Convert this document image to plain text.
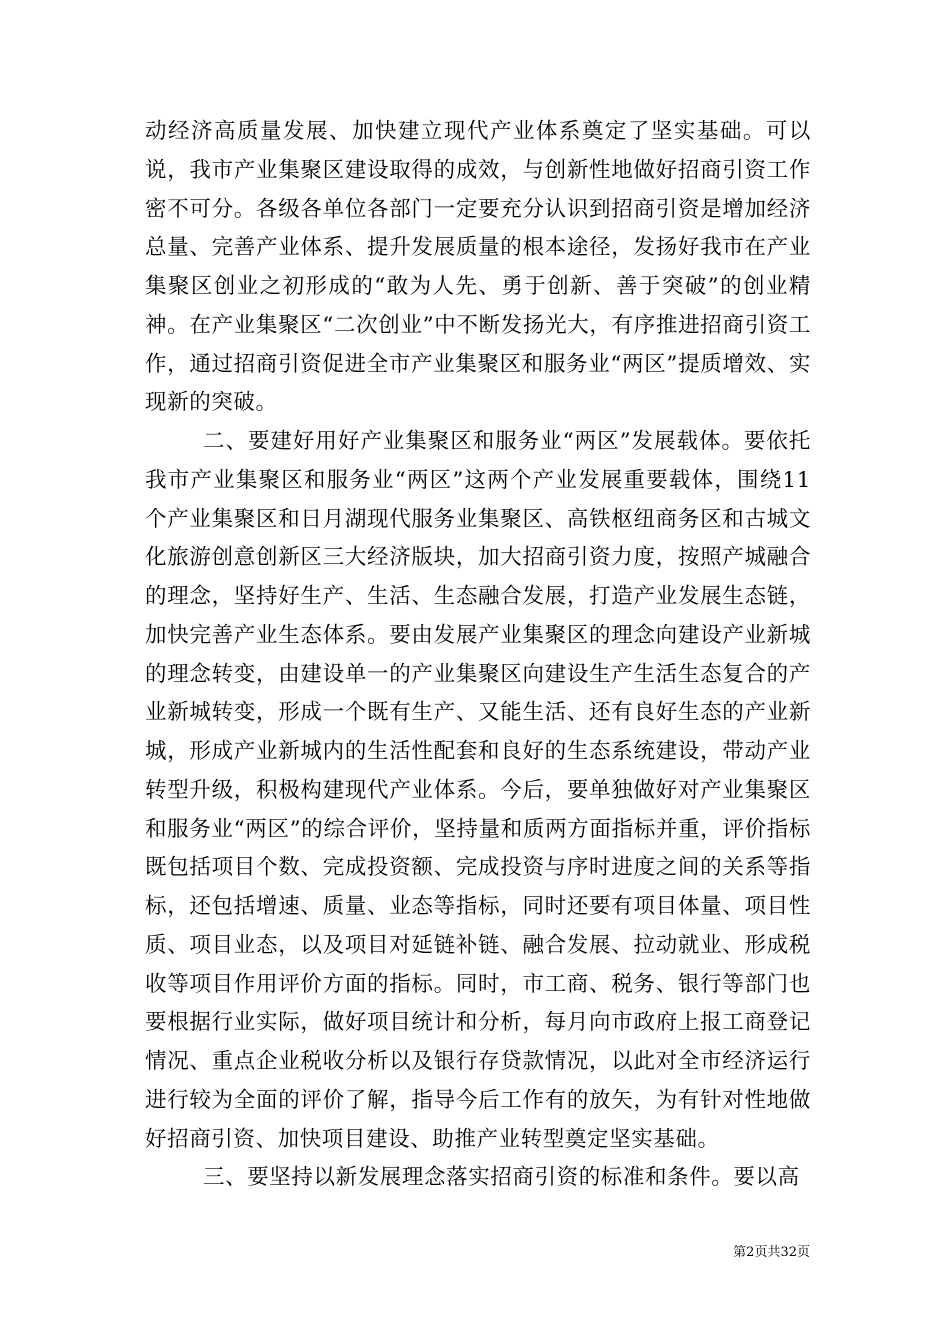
动经济高质量发展、加快建立现代产业体系奠定了坚实基础。可以说，我市产业集聚区建设取得的成效，与创新性地做好招商引资工作密不可分。各级各单位各部门一定要充分认识到招商引资是增加经济总量、完善产业体系、提升发展质量的根本途径，发扬好我市在产业集聚区创业之初形成的“敢为人先、勇于创新、善于突破”的创业精神。在产业集聚区“二次创业”中不断发扬光大，有序推进招商引资工作，通过招商引资促进全市产业集聚区和服务业“两区”提质增效、实现新的突破。

二、要建好用好产业集聚区和服务业“两区”发展载体。要依托我市产业集聚区和服务业“两区”这两个产业发展重要载体，围绕11个产业集聚区和日月湖现代服务业集聚区、高铁枢纽商务区和古城文化旅游创意创新区三大经济版块，加大招商引资力度，按照产城融合的理念，坚持好生产、生活、生态融合发展，打造产业发展生态链，加快完善产业生态体系。要由发展产业集聚区的理念向建设产业新城的理念转变，由建设单一的产业集聚区向建设生产生活生态复合的产业新城转变，形成一个既有生产、又能生活、还有良好生态的产业新城，形成产业新城内的生活性配套和良好的生态系统建设，带动产业转型升级，积极构建现代产业体系。今后，要单独做好对产业集聚区和服务业“两区”的综合评价，坚持量和质两方面指标并重，评价指标既包括项目个数、完成投资额、完成投资与序时进度之间的关系等指标，还包括增速、质量、业态等指标，同时还要有项目体量、项目性质、项目业态，以及项目对延链补链、融合发展、拉动就业、形成税收等项目作用评价方面的指标。同时，市工商、税务、银行等部门也要根据行业实际，做好项目统计和分析，每月向市政府上报工商登记情况、重点企业税收分析以及银行存贷款情况，以此对全市经济运行进行较为全面的评价了解，指导今后工作有的放矢，为有针对性地做好招商引资、加快项目建设、助推产业转型奠定坚实基础。

三、要坚持以新发展理念落实招商引资的标准和条件。要以高

第2页共32页
